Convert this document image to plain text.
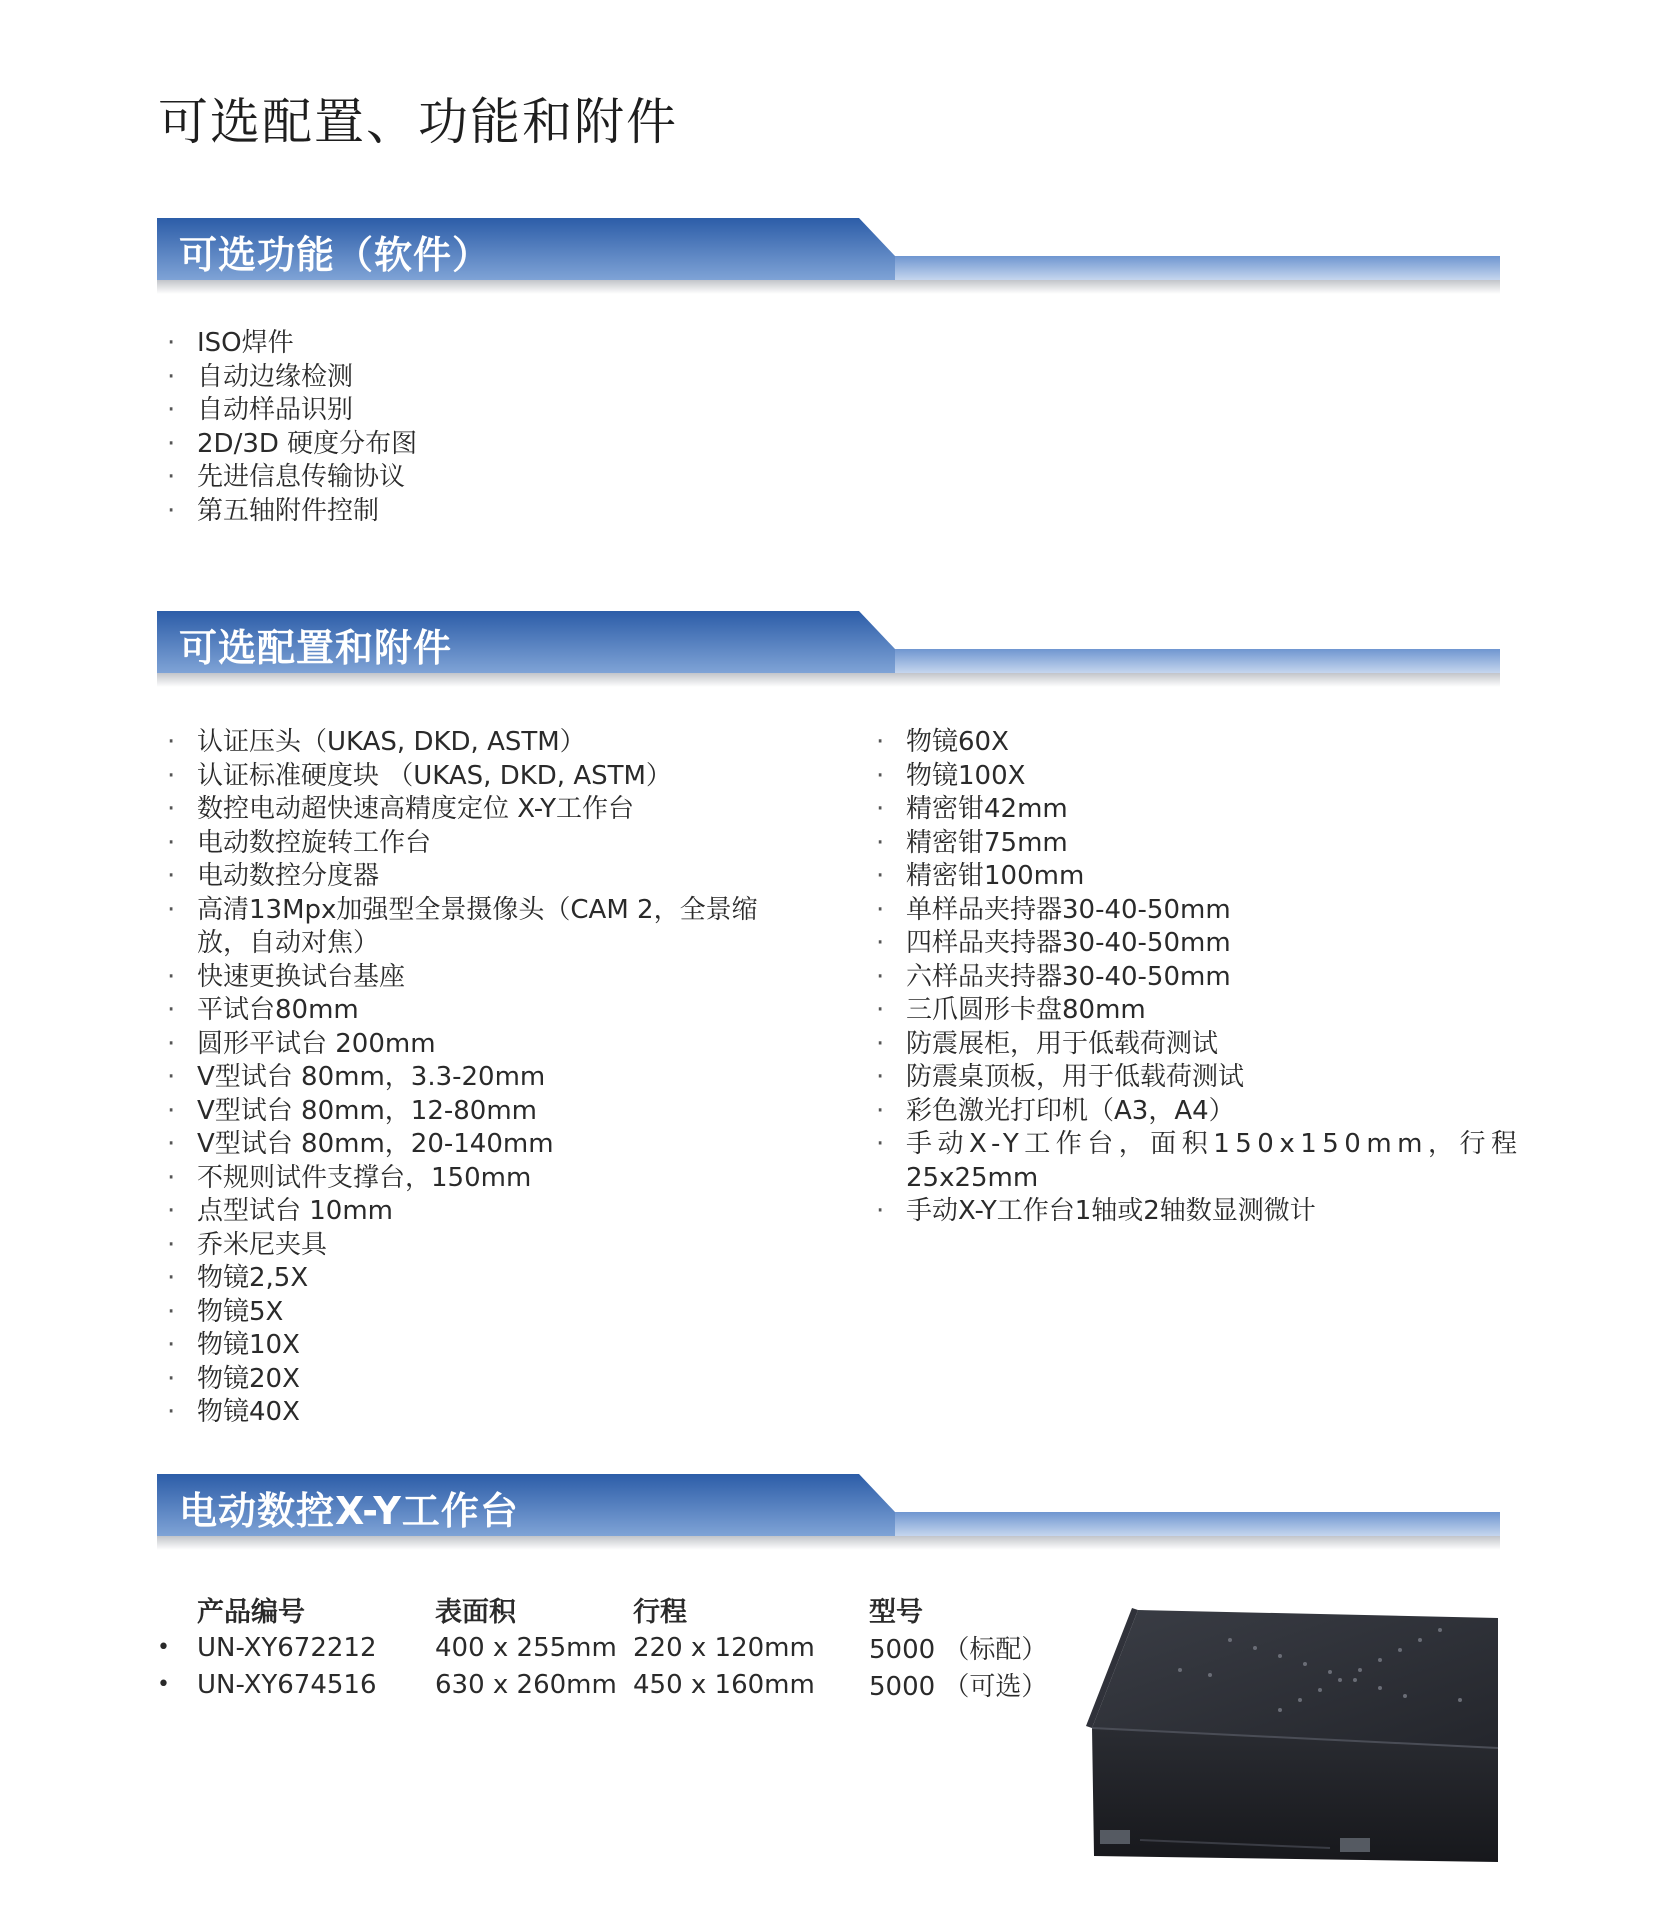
可选配置、功能和附件
可选功能（软件）
· ISO焊件
· 自动边缘检测
· 自动样品识别
· 2D/3D 硬度分布图
· 先进信息传输协议
· 第五轴附件控制
可选配置和附件
· 认证压头（UKAS, DKD, ASTM）
· 认证标准硬度块 （UKAS, DKD, ASTM）
· 数控电动超快速高精度定位 X-Y工作台
· 电动数控旋转工作台
· 电动数控分度器
· 高清13Mpx加强型全景摄像头（CAM 2，全景缩
放，自动对焦）
· 快速更换试台基座
· 平试台80mm
· 圆形平试台 200mm
· V型试台 80mm，3.3-20mm
· V型试台 80mm，12-80mm
· V型试台 80mm，20-140mm
· 不规则试件支撑台，150mm
· 点型试台 10mm
· 乔米尼夹具
· 物镜2,5X
· 物镜5X
· 物镜10X
· 物镜20X
· 物镜40X
· 物镜60X
· 物镜100X
· 精密钳42mm
· 精密钳75mm
· 精密钳100mm
· 单样品夹持器30-40-50mm
· 四样品夹持器30-40-50mm
· 六样品夹持器30-40-50mm
· 三爪圆形卡盘80mm
· 防震展柜，用于低载荷测试
· 防震桌顶板，用于低载荷测试
· 彩色激光打印机（A3，A4）
· 手动X-Y工作台，面积150x150mm，行程
25x25mm
· 手动X-Y工作台1轴或2轴数显测微计
电动数控X-Y工作台
	产品编号	表面积	行程	型号
•	UN-XY672212	400 x 255mm	220 x 120mm	5000 （标配）
•	UN-XY674516	630 x 260mm	450 x 160mm	5000 （可选）
